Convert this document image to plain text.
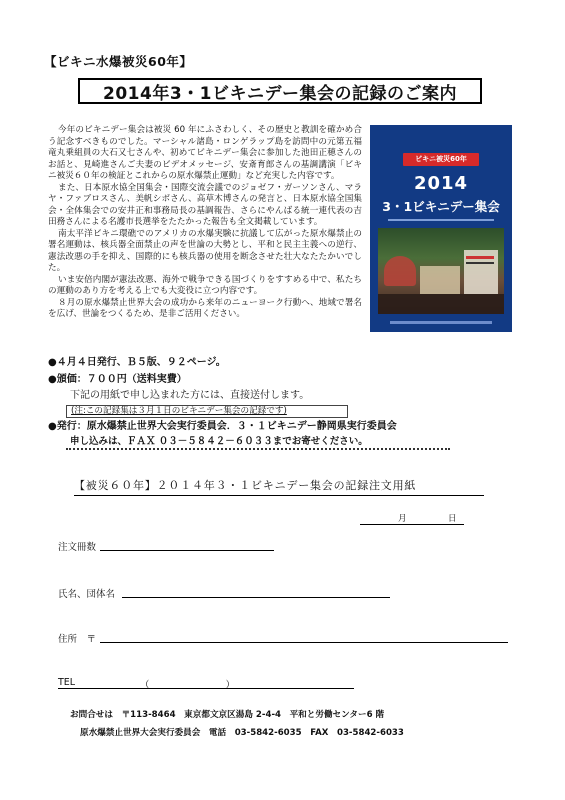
【ビキニ水爆被災60年】
2014年3・1ビキニデー集会の記録のご案内

今年のビキニデー集会は被災 60 年にふさわしく、その歴史と教訓を確かめ合う記念すべきものでした。マーシャル諸島・ロンゲラップ島を訪問中の元第五福竜丸乗組員の大石又七さんや、初めてビキニデー集会に参加した池田正穂さんのお話と、見崎進さんご夫妻のビデオメッセージ、安斎育郎さんの基調講演「ビキニ被災６０年の検証とこれからの原水爆禁止運動」など充実した内容です。

また、日本原水協全国集会・国際交流会議でのジョゼフ・ガーソンさん、マラヤ・ファブロスさん、美帆シボさん、高草木博さんの発言と、日本原水協全国集会・全体集会での安井正和事務局長の基調報告、さらにやんばる統一連代表の吉田務さんによる名護市長選挙をたたかった報告も全文掲載しています。

南太平洋ビキニ環礁でのアメリカの水爆実験に抗議して広がった原水爆禁止の署名運動は、核兵器全面禁止の声を世論の大勢とし、平和と民主主義への逆行、憲法改悪の手を抑え、国際的にも核兵器の使用を断念させた壮大なたたかいでした。

いま安倍内閣が憲法改悪、海外で戦争できる国づくりをすすめる中で、私たちの運動のあり方を考える上でも大変役に立つ内容です。

８月の原水爆禁止世界大会の成功から来年のニューヨーク行動へ、地域で署名を広げ、世論をつくるため、是非ご活用ください。

ビキニ被災60年
2014
3・1ビキニデー集会
●４月４日発行、Ｂ５版、９２ページ。
●頒価：７００円（送料実費）
下記の用紙で申し込まれた方には、直接送付します。
(注:この記録集は３月１日のビキニデー集会の記録です)
●発行：原水爆禁止世界大会実行委員会．３・１ビキニデー静岡県実行委員会
申し込みは、ＦＡＸ ０３－５８４２－６０３３までお寄せください。
【被災６０年】２０１４年３・１ビキニデー集会の記録注文用紙
月	日
注文冊数
氏名、団体名
住所　〒
TEL	（　　　　　　　　）
お問合せは　〒113-8464　東京都文京区湯島 2-4-4　平和と労働センター6 階
原水爆禁止世界大会実行委員会　電話　03-5842-6035　FAX　03-5842-6033
